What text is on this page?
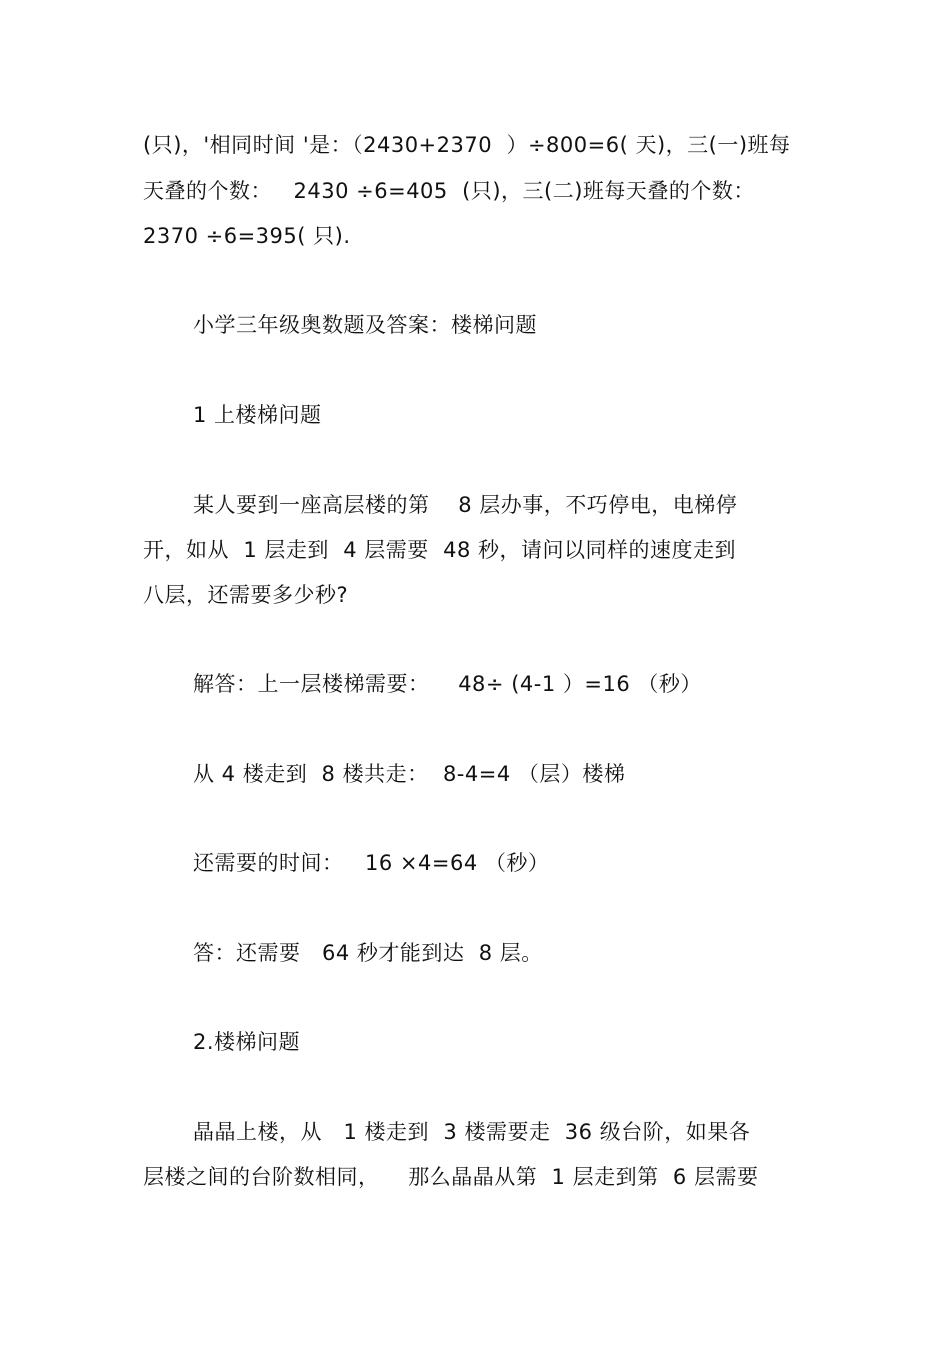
(只)，'相同时间 '是：（2430+2370  ）÷800=6( 天)，三(一)班每
天叠的个数：   2430 ÷6=405  (只)，三(二)班每天叠的个数：
2370 ÷6=395( 只).
小学三年级奥数题及答案：楼梯问题
1 上楼梯问题
某人要到一座高层楼的第    8 层办事，不巧停电，电梯停
开，如从  1 层走到  4 层需要  48 秒，请问以同样的速度走到
八层，还需要多少秒?
解答：上一层楼梯需要：    48÷ (4-1 ）=16 （秒）
从 4 楼走到  8 楼共走：  8-4=4 （层）楼梯
还需要的时间：   16 ×4=64 （秒）
答：还需要   64 秒才能到达  8 层。
2.楼梯问题
晶晶上楼，从   1 楼走到  3 楼需要走  36 级台阶，如果各
层楼之间的台阶数相同，    那么晶晶从第  1 层走到第  6 层需要
